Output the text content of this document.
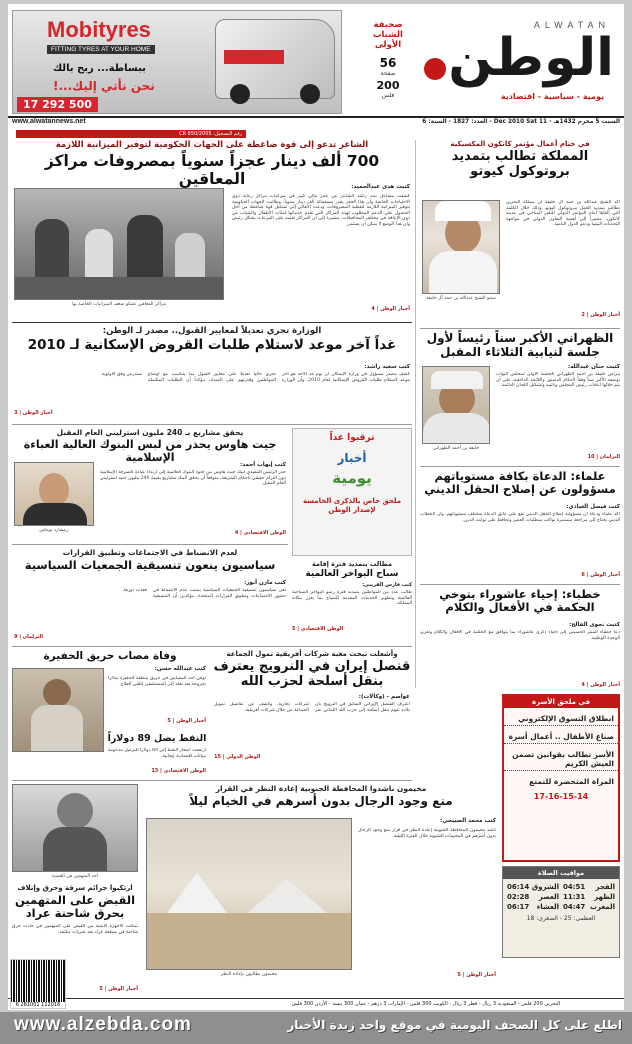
ALWATAN
الوطن
يومية - سياسية - اقتصادية
صحيفة الشباب الأولى
56
صفحة
200
فلس
Mobityres
FITTING TYRES AT YOUR HOME
ببساطة... ربح بالك
نحن نأتي إليك...!
17 292 500
السبت 5 محرم 1432هـ - 11 Dec 2010 Sat - العدد: 1827 - السنة: 6
www.alwatannews.net
رقم التسجيل: CR 650/2005
في ختام أعمال مؤتمر كانكون المكسيكية
المملكة تطالب بتمديد بروتوكول كيوتو
سمو الشيخ عبدالله بن حمد آل خليفة
أكد الشيخ عبدالله بن حمد آل خليفة أن مملكة البحرين تطالب بتمديد العمل ببروتوكول كيوتو، وذلك خلال الكلمة التي ألقاها أمام المؤتمر الدولي للتغير المناخي في مدينة كانكون، مشيراً إلى أهمية التعاون الدولي في مواجهة التحديات البيئية ودعم الدول النامية.
أخبار الوطن | 2
الظهراني الأكبر سناً رئيساً لأول جلسة لنيابية الثلاثاء المقبل
كتبت حنان عبدالله:
يترأس خليفة بن أحمد الظهراني الجلسة الأولى لمجلس النواب بوصفه الأكبر سناً وفقاً لأحكام الدستور واللائحة الداخلية، على أن يتم خلالها انتخاب رئيس المجلس ونائبيه وتشكيل اللجان الدائمة.
خليفة بن أحمد الظهراني
البرلمان | 10
علماء: الدعاة بكافة مستوياتهم مسؤولون عن إصلاح الحقل الديني
كتب فيصل العيادي:
أكد علماء ودعاة أن مسؤولية إصلاح الحقل الديني تقع على عاتق الدعاة بمختلف مستوياتهم، وأن الخطاب الديني يحتاج إلى مراجعة مستمرة تواكب متطلبات العصر وتحافظ على ثوابت الدين.
أخبار الوطن | 6
خطباء: إحياء عاشوراء بتوخي الحكمة في الأفعال والكلام
كتبت نجوى الفالح:
دعا خطباء المنبر الحسيني إلى إحياء ذكرى عاشوراء بما يتوافق مع الحكمة في الأفعال والكلام وتعزيز الوحدة الوطنية.
أخبار الوطن | 4
في ملحق الأسرة
انطلاق التسوق الإلكتروني
صناع الأطفال .. أعمال أسرة
الأسر تطالب بقوانين تضمن العيش الكريم
المراة المتحضرة للتمتع
17-16-15-14
مواقيت الصلاة
الفجر
04:51
الشروق
06:14
الظهر
11:31
العصر
02:28
المغرب
04:47
العشاء
06:17
العظمى: 25 - الصغرى: 18
الشاعر تدعو إلى قوة ضاغطة على الجهات الحكومية لتوفير الميزانية اللازمة
700 ألف دينار عجزاً سنوياً بمصروفات مراكز المعاقين	كتبت هدى عبدالحميد:
كشفت مشاعل بنت راشد الشاعر عن عجز مالي كبير في ميزانيات مراكز رعاية ذوي الاحتياجات الخاصة وأن هذا العجز يقدر بسبعمائة ألف دينار سنوياً، وطالبت الجهات الحكومية بتوفير الميزانية اللازمة لتغطية المصروفات، ودعت الأهالي إلى تشكيل قوة ضاغطة من أجل الحصول على الدعم المطلوب لهذه المراكز التي تقدم خدماتها لمئات الأطفال والشباب من ذوي الإعاقة في مختلف المحافظات، مشيرة إلى أن المراكز تعتمد على التبرعات بشكل رئيس وأن هذا الوضع لا يمكن أن يستمر.
مراكز المعاقين تشكو ضعف الميزانيات الخاصة بها
أخبار الوطن | 4
الوزارة تجري تعديلاً لمعايير القبول.. مصدر لـ الوطن:
غداً آخر موعد لاستلام طلبات القروض الإسكانية لـ 2010
كتب سعيد راشد:
كشف مصدر مسؤول في وزارة الإسكان أن يوم غد الأحد هو آخر موعد لاستلام طلبات القروض الإسكانية لعام 2010، وأن الوزارة تجري حالياً تعديلاً على معايير القبول بما يتناسب مع أوضاع المواطنين وقدرتهم على السداد، مؤكداً أن الطلبات المكتملة ستدرس وفق الأولوية.
أخبار الوطن | 3
يحقق مشاريع بـ 240 مليون استرليني العام المقبل
جيت هاوس يحذر من لبس البنوك العالية العباءة الإسلامية
كتب إيهاب أحمد:
حذر الرئيس التنفيذي لبنك جيت هاوس من لجوء البنوك العالمية إلى ارتداء عباءة الصيرفة الإسلامية دون التزام حقيقي بأحكام الشريعة، متوقعاً أن يحقق البنك مشاريع بقيمة 240 مليون جنيه استرليني العام المقبل.
ريتشارد توماس	الوطن الاقتصادي | 4
ترقبوا غداً
أخبار
يومية
ملحق خاص بالذكرى الخامسة لإصدار الوطن
مطالب بتمديد فترة إقامة
سباح البواخر العالمية
كتب فارس القريني:
طالب عدد من المواطنين بتمديد فترة رسو البواخر السياحية العالمية وتطوير الخدمات المقدمة للسياح بما يعزز مكانة المملكة.
الوطن الاقتصادي | 5
لعدم الانضباط في الاجتماعات وتطبيق القرارات
سياسيون ينعون تنسيقية الجمعيات السياسية
كتب مازن أنور:
نعى سياسيون تنسيقية الجمعيات السياسية بسبب عدم الانضباط في حضور الاجتماعات وتطبيق القرارات المتخذة، مؤكدين أن التنسيقية فقدت دورها.
البرلمان | 9
وأشعلت تبحث مغبة شركات أفريقية تمول الجماعة
قنصل إيران في النرويج يعترف بنقل أسلحة لحزب الله
عواصم - (وكالات):
اعترف القنصل الإيراني السابق في النرويج بأن بلاده تقوم بنقل أسلحة إلى حزب الله اللبناني عبر شركات تجارية، وكشف عن تفاصيل تمويل الجماعة من خلال شركات أفريقية.
الوطن الدولي | 15
وفاة مصاب حريق الحفيرة
كتب عبدالله حسن:
توفي أحد المصابين في حريق منطقة الحفيرة متأثراً بجروحه بعد نقله إلى المستشفى لتلقي العلاج.
أخبار الوطن | 5
النفط يصل 89 دولاراً
ارتفعت أسعار النفط إلى 89 دولاراً للبرميل مدعومة ببيانات اقتصادية إيجابية.
الوطن الاقتصادي | 13
أحد المتهمين في القضية
ارتكبوا جرائم سرقة وحرق وإتلاف
القبض على المتهمين بحرق شاحنة عراد
تمكنت الأجهزة الأمنية من القبض على المتهمين في حادث حرق شاحنة في منطقة عراد بعد تحريات مكثفة.
أخبار الوطن | 5
مخيمون ناشدوا المحافظة الجنوبية إعادة النظر في القرار
منع وجود الرجال بدون أسرهم في الخيام ليلاً
كتب محمد الصبيحي:
مخيمون يطالبون بإعادة النظر
ناشد مخيمون المحافظة الجنوبية إعادة النظر في قرار منع وجود الرجال بدون أسرهم في المخيمات الشتوية خلال الفترة الليلية.
أخبار الوطن | 5
البحرين 200 فلس - السعودية 3 ريال - قطر 3 ريال - الكويت 300 فلس - الإمارات 3 درهم - عمان 300 بيسة - الأردن 300 فلس
6 281001 112016
www.alzebda.com	اطلع على كل الصحف اليومية في موقع واحد زبدة الأخبار
